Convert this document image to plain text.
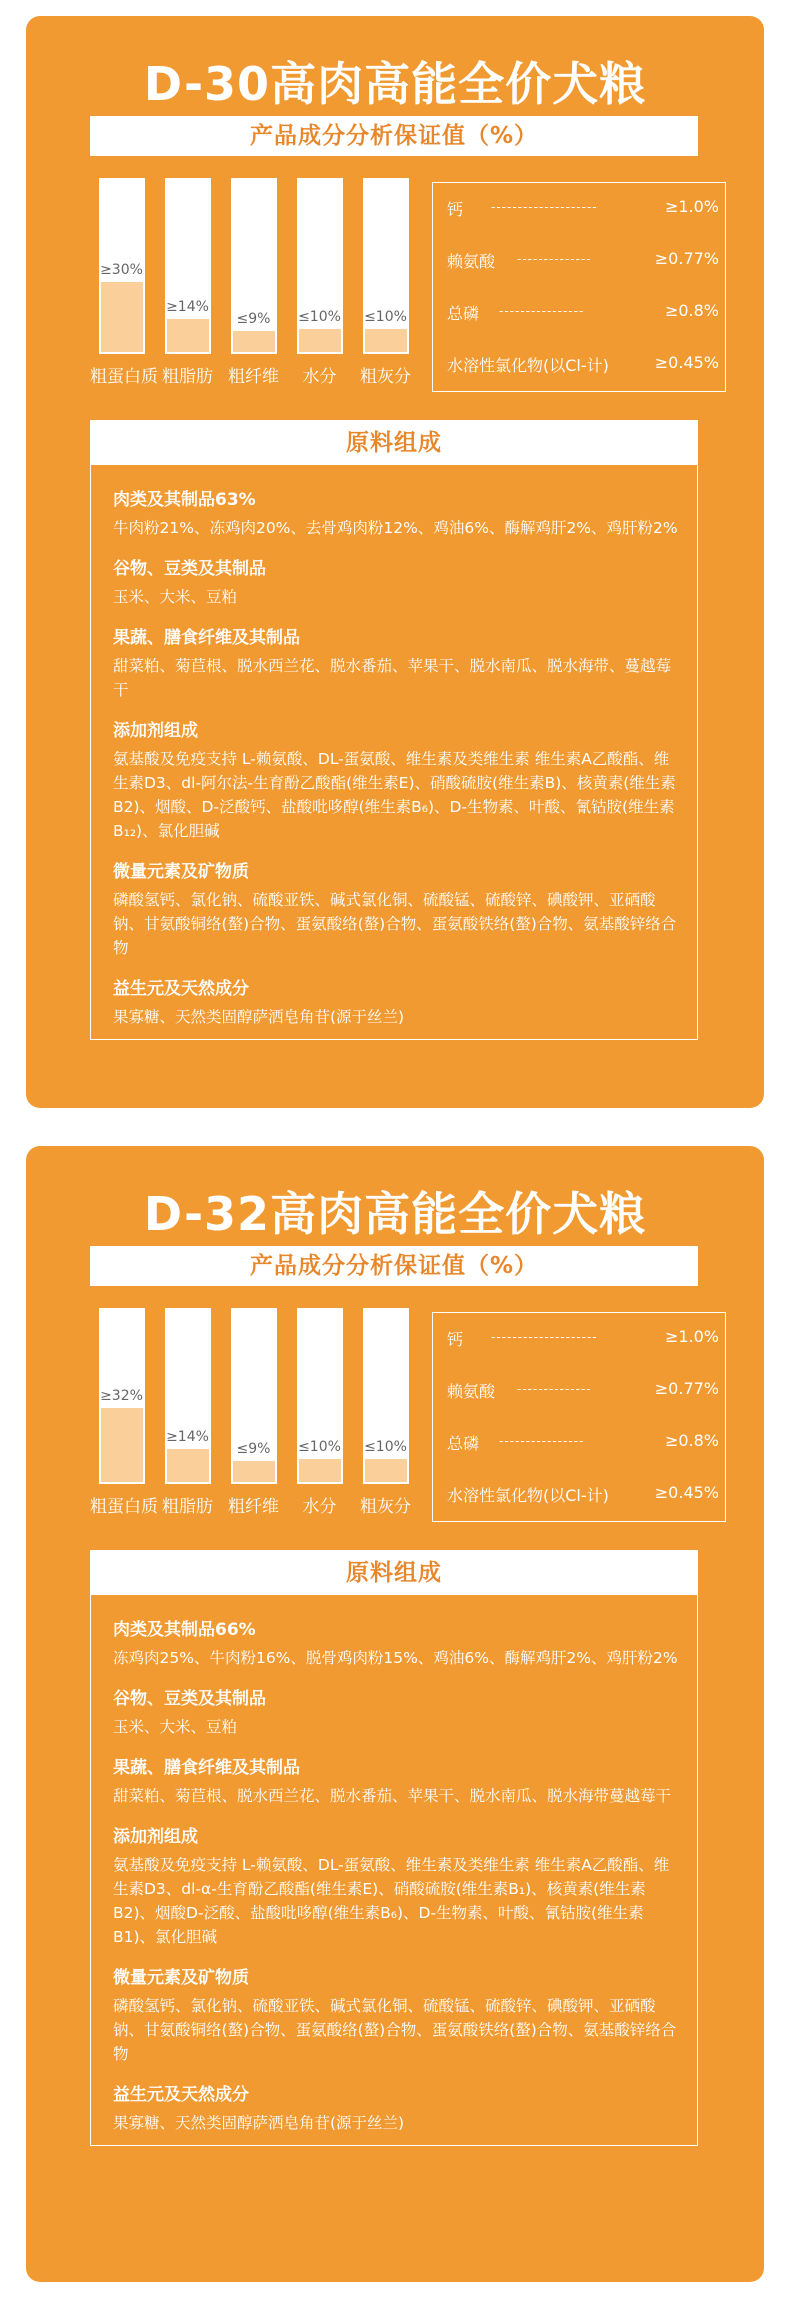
D-30高肉高能全价犬粮
产品成分分析保证值（%）
≥30%
粗蛋白质
≥14%
粗脂肪
≤9%
粗纤维
≤10%
水分
≤10%
粗灰分
钙 --------------------	≥1.0%
赖氨酸 --------------	≥0.77%
总磷 ----------------	≥0.8%
水溶性氯化物(以Cl-计)	≥0.45%
原料组成
肉类及其制品63%
牛肉粉21%、冻鸡肉20%、去骨鸡肉粉12%、鸡油6%、酶解鸡肝2%、鸡肝粉2%
谷物、豆类及其制品
玉米、大米、豆粕
果蔬、膳食纤维及其制品
甜菜粕、菊苣根、脱水西兰花、脱水番茄、苹果干、脱水南瓜、脱水海带、蔓越莓干
添加剂组成
氨基酸及免疫支持 L-赖氨酸、DL-蛋氨酸、维生素及类维生素 维生素A乙酸酯、维生素D3、dl-阿尔法-生育酚乙酸酯(维生素E)、硝酸硫胺(维生素B)、核黄素(维生素B2)、烟酸、D-泛酸钙、盐酸吡哆醇(维生素B₆)、D-生物素、叶酸、氰钴胺(维生素B₁₂)、氯化胆碱
微量元素及矿物质
磷酸氢钙、氯化钠、硫酸亚铁、碱式氯化铜、硫酸锰、硫酸锌、碘酸钾、亚硒酸钠、甘氨酸铜络(螯)合物、蛋氨酸络(螯)合物、蛋氨酸铁络(螯)合物、氨基酸锌络合物
益生元及天然成分
果寡糖、天然类固醇萨洒皂角苷(源于丝兰)
D-32高肉高能全价犬粮
产品成分分析保证值（%）
≥32%
粗蛋白质
≥14%
粗脂肪
≤9%
粗纤维
≤10%
水分
≤10%
粗灰分
钙 --------------------	≥1.0%
赖氨酸 --------------	≥0.77%
总磷 ----------------	≥0.8%
水溶性氯化物(以Cl-计)	≥0.45%
原料组成
肉类及其制品66%
冻鸡肉25%、牛肉粉16%、脱骨鸡肉粉15%、鸡油6%、酶解鸡肝2%、鸡肝粉2%
谷物、豆类及其制品
玉米、大米、豆粕
果蔬、膳食纤维及其制品
甜菜粕、菊苣根、脱水西兰花、脱水番茄、苹果干、脱水南瓜、脱水海带蔓越莓干
添加剂组成
氨基酸及免疫支持 L-赖氨酸、DL-蛋氨酸、维生素及类维生素 维生素A乙酸酯、维生素D3、dl-α-生育酚乙酸酯(维生素E)、硝酸硫胺(维生素B₁)、核黄素(维生素B2)、烟酸D-泛酸、盐酸吡哆醇(维生素B₆)、D-生物素、叶酸、氰钴胺(维生素B1)、氯化胆碱
微量元素及矿物质
磷酸氢钙、氯化钠、硫酸亚铁、碱式氯化铜、硫酸锰、硫酸锌、碘酸钾、亚硒酸钠、甘氨酸铜络(螯)合物、蛋氨酸络(螯)合物、蛋氨酸铁络(螯)合物、氨基酸锌络合物
益生元及天然成分
果寡糖、天然类固醇萨洒皂角苷(源于丝兰)
